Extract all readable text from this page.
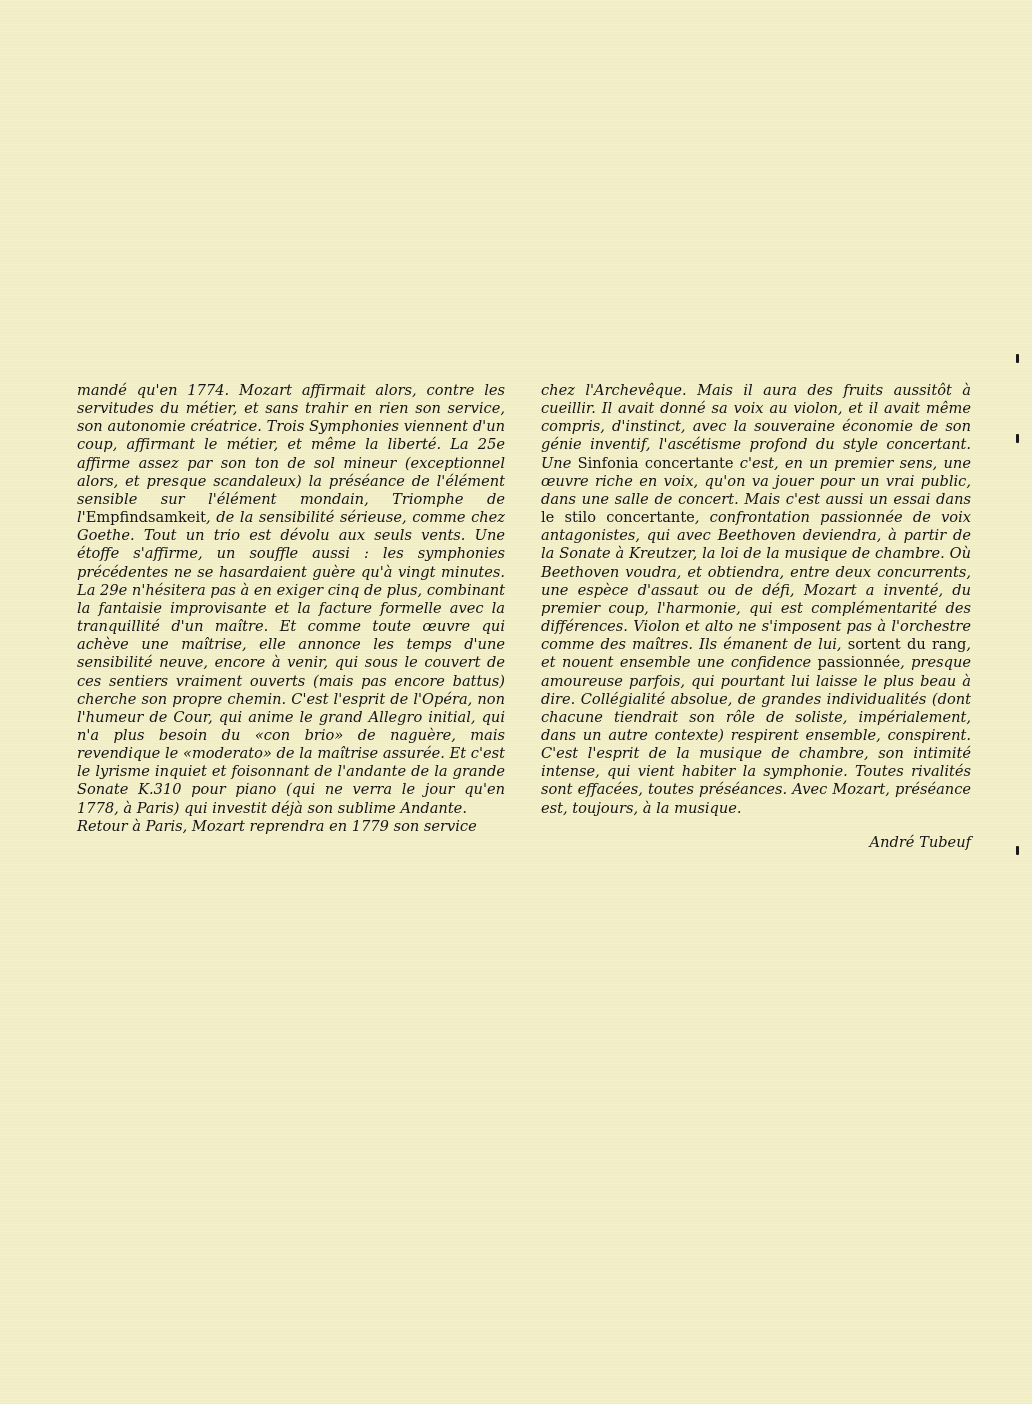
mandé qu'en 1774. Mozart affirmait alors, contre les servitudes du métier, et sans trahir en rien son service, son autonomie créatrice. Trois Symphonies viennent d'un coup, affirmant le métier, et même la liberté. La 25e affirme assez par son ton de sol mineur (exceptionnel alors, et presque scandaleux) la préséance de l'élément sensible sur l'élément mondain, Triomphe de l'Empfindsamkeit, de la sensibilité sérieuse, comme chez Goethe. Tout un trio est dévolu aux seuls vents. Une étoffe s'affirme, un souffle aussi : les symphonies précédentes ne se hasardaient guère qu'à vingt minutes. La 29e n'hésitera pas à en exiger cinq de plus, combinant la fantaisie improvisante et la facture formelle avec la tranquillité d'un maître. Et comme toute œuvre qui achève une maîtrise, elle annonce les temps d'une sensibilité neuve, encore à venir, qui sous le couvert de ces sentiers vraiment ouverts (mais pas encore battus) cherche son propre chemin. C'est l'esprit de l'Opéra, non l'humeur de Cour, qui anime le grand Allegro initial, qui n'a plus besoin du «con brio» de naguère, mais revendique le «moderato» de la maîtrise assurée. Et c'est le lyrisme inquiet et foisonnant de l'andante de la grande Sonate K.310 pour piano (qui ne verra le jour qu'en 1778, à Paris) qui investit déjà son sublime Andante.

Retour à Paris, Mozart reprendra en 1779 son service

chez l'Archevêque. Mais il aura des fruits aussitôt à cueillir. Il avait donné sa voix au violon, et il avait même compris, d'instinct, avec la souveraine économie de son génie inventif, l'ascétisme profond du style concertant. Une Sinfonia concertante c'est, en un premier sens, une œuvre riche en voix, qu'on va jouer pour un vrai public, dans une salle de concert. Mais c'est aussi un essai dans le stilo concertante, confrontation passionnée de voix antagonistes, qui avec Beethoven deviendra, à partir de la Sonate à Kreutzer, la loi de la musique de chambre. Où Beethoven voudra, et obtiendra, entre deux concurrents, une espèce d'assaut ou de défi, Mozart a inventé, du premier coup, l'harmonie, qui est complémentarité des différences. Violon et alto ne s'imposent pas à l'orchestre comme des maîtres. Ils émanent de lui, sortent du rang, et nouent ensemble une confidence passionnée, presque amoureuse parfois, qui pourtant lui laisse le plus beau à dire. Collégialité absolue, de grandes individualités (dont chacune tiendrait son rôle de soliste, impérialement, dans un autre contexte) respirent ensemble, conspirent. C'est l'esprit de la musique de chambre, son intimité intense, qui vient habiter la symphonie. Toutes rivalités sont effacées, toutes préséances. Avec Mozart, préséance est, toujours, à la musique.

André Tubeuf
